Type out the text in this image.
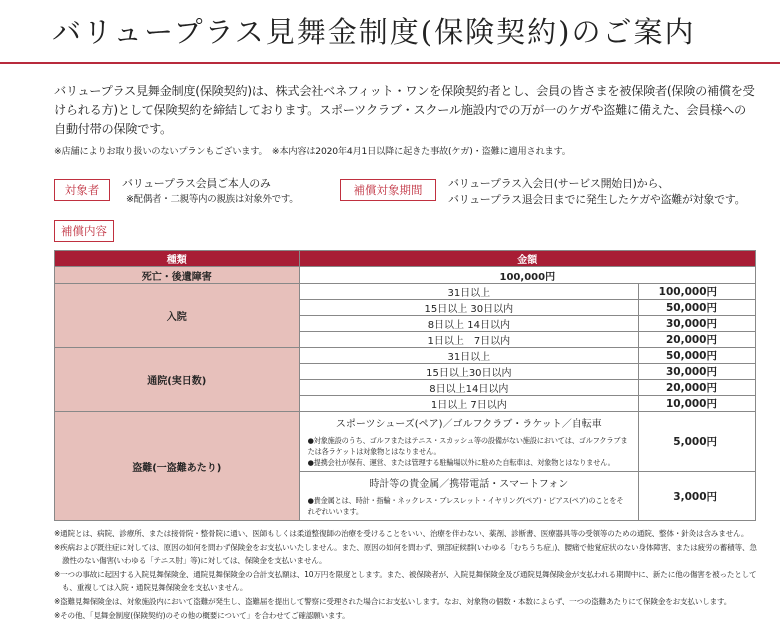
バリュープラス見舞金制度(保険契約)のご案内
バリュープラス見舞金制度(保険契約)は、株式会社ベネフィット・ワンを保険契約者とし、会員の皆さまを被保険者(保険の補償を受けられる方)として保険契約を締結しております。スポーツクラブ・スクール施設内での万が一のケガや盗難に備えた、会員様への自動付帯の保険です。
※店舗によりお取り扱いのないプランもございます。　※本内容は2020年4月1日以降に起きた事故(ケガ)・盗難に適用されます。
対象者	バリュープラス会員ご本人のみ
※配偶者・二親等内の親族は対象外です。
補償対象期間	バリュープラス入会日(サービス開始日)から、
バリュープラス退会日までに発生したケガや盗難が対象です。
補償内容
種類	金額	
死亡・後遺障害	100,000円	
入院	31日以上	100,000円
	15日以上 30日以内	50,000円
	8日以上 14日以内	30,000円
	1日以上　7日以内	20,000円
通院(実日数)	31日以上	50,000円
	15日以上30日以内	30,000円
	8日以上14日以内	20,000円
	1日以上 7日以内	10,000円
盗難(一盗難あたり)	スポーツシューズ(ペア)／ゴルフクラブ・ラケット／自転車
●対象施設のうち、ゴルフまたはテニス・スカッシュ等の設備がない施設においては、ゴルフクラブまたは各ラケットは対象物とはなりません。
●提携会社が保有、運営、または管理する駐輪場以外に駐めた自転車は、対象物とはなりません。	5,000円

	時計等の貴金属／携帯電話・スマートフォン
●貴金属とは、時計・指輪・ネックレス・ブレスレット・イヤリング(ペア)・ピアス(ペア)のことをそれぞれいいます。	3,000円

※通院とは、病院、診療所、または接骨院・整骨院に通い、医師もしくは柔道整復師の治療を受けることをいい、治療を伴わない、薬剤、診断書、医療器具等の受領等のための通院、整体・針灸は含みません。

※疾病および既往症に対しては、原因の如何を問わず保険金をお支払いいたしません。また、原因の如何を問わず、頸部症候群(いわゆる「むちうち症」)、腰痛で他覚症状のない身体障害、または疲労の蓄積等、急激性のない傷害(いわゆる「テニス肘」等)に対しては、保険金を支払いません。

※一つの事故に起因する入院見舞保険金、通院見舞保険金の合計支払額は、10万円を限度とします。また、被保険者が、入院見舞保険金及び通院見舞保険金が支払われる期間中に、新たに他の傷害を被ったとしても、重複しては入院・通院見舞保険金を支払いません。

※盗難見舞保険金は、対象施設内において盗難が発生し、盗難届を提出して警察に受理された場合にお支払いします。なお、対象物の個数・本数によらず、一つの盗難あたりにて保険金をお支払いします。

※その他、「見舞金制度(保険契約)のその他の概要について」を合わせてご確認願います。
